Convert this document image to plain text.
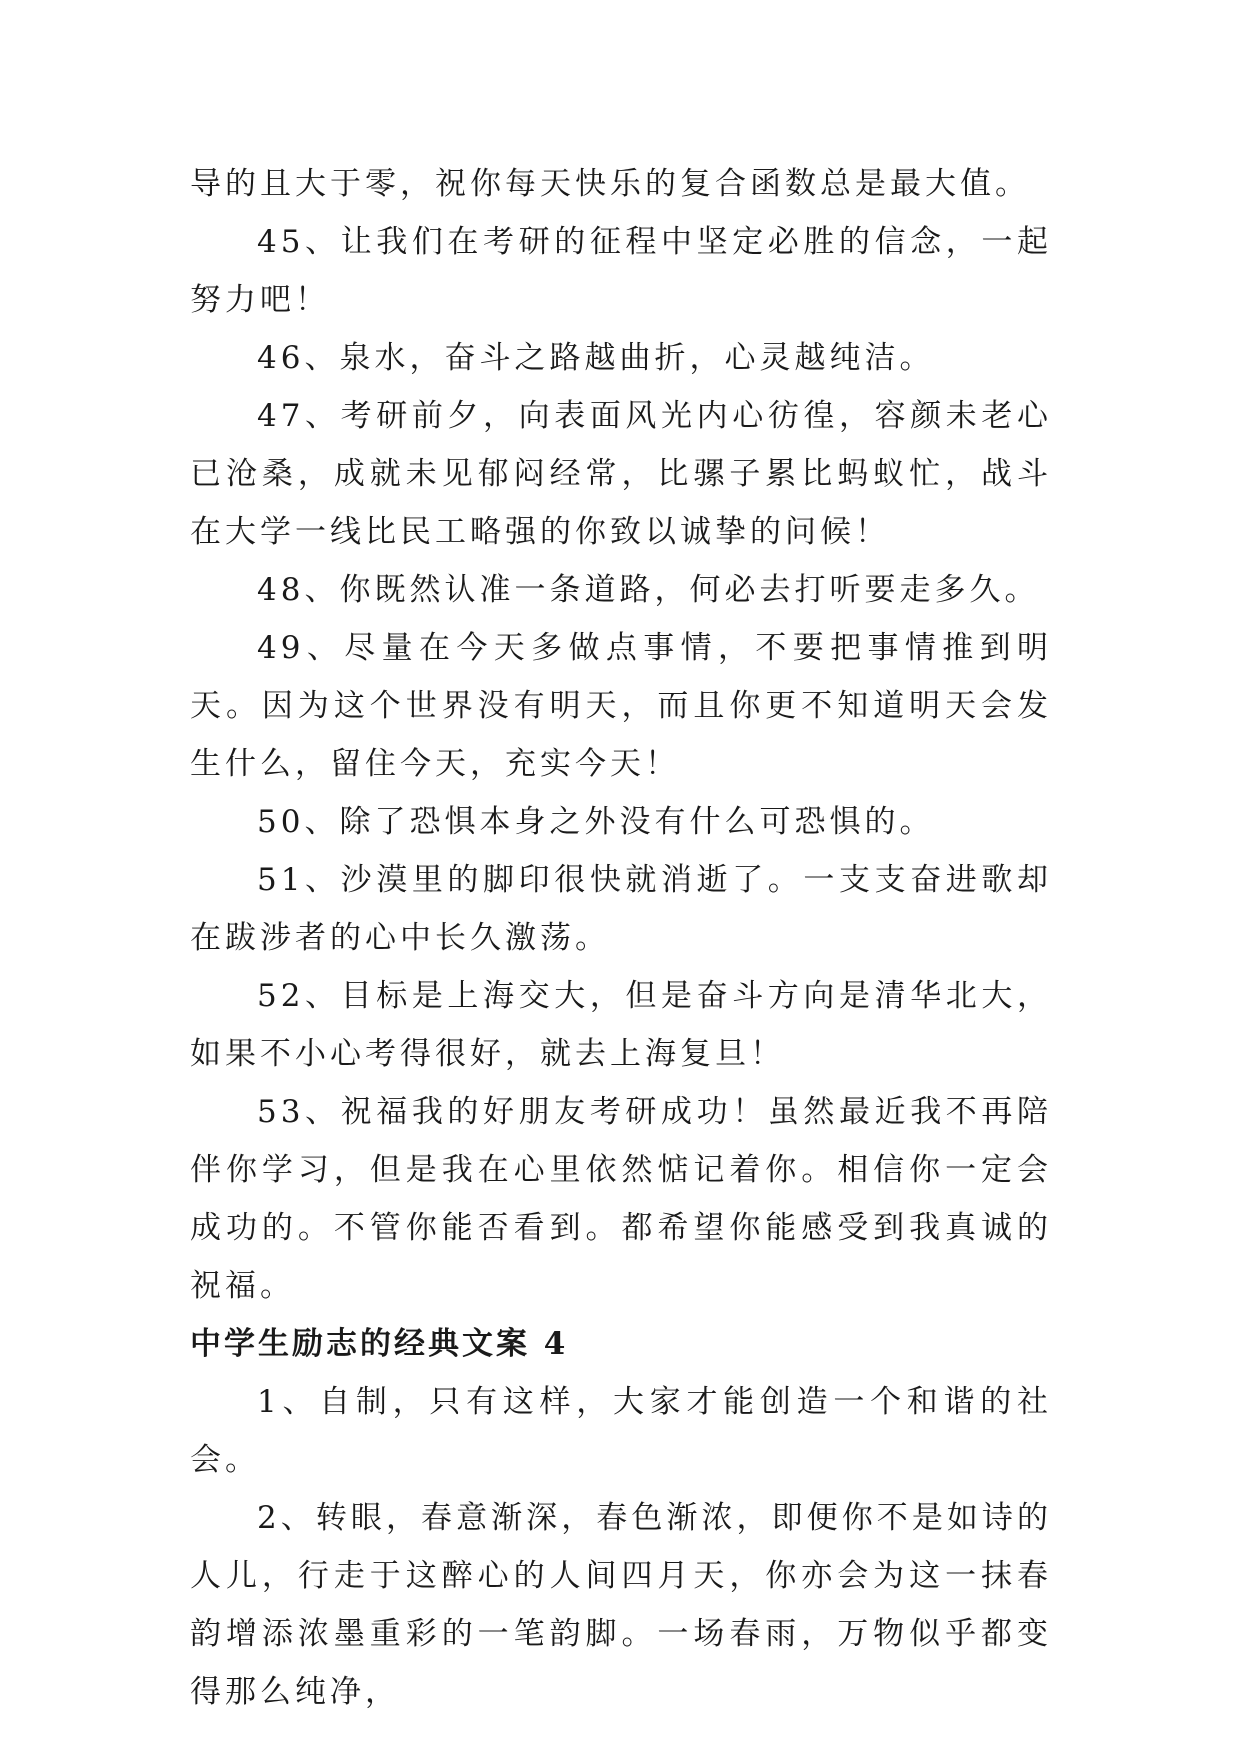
导的且大于零，祝你每天快乐的复合函数总是最大值。

45、让我们在考研的征程中坚定必胜的信念，一起努力吧！

46、泉水，奋斗之路越曲折，心灵越纯洁。

47、考研前夕，向表面风光内心彷徨，容颜未老心已沧桑，成就未见郁闷经常，比骡子累比蚂蚁忙，战斗在大学一线比民工略强的你致以诚挚的问候！

48、你既然认准一条道路，何必去打听要走多久。

49、尽量在今天多做点事情，不要把事情推到明天。因为这个世界没有明天，而且你更不知道明天会发生什么，留住今天，充实今天！

50、除了恐惧本身之外没有什么可恐惧的。

51、沙漠里的脚印很快就消逝了。一支支奋进歌却在跋涉者的心中长久激荡。

52、目标是上海交大，但是奋斗方向是清华北大，如果不小心考得很好，就去上海复旦！

53、祝福我的好朋友考研成功！虽然最近我不再陪伴你学习，但是我在心里依然惦记着你。相信你一定会成功的。不管你能否看到。都希望你能感受到我真诚的祝福。

中学生励志的经典文案 4

1、自制，只有这样，大家才能创造一个和谐的社会。

2、转眼，春意渐深，春色渐浓，即便你不是如诗的人儿，行走于这醉心的人间四月天，你亦会为这一抹春韵增添浓墨重彩的一笔韵脚。一场春雨，万物似乎都变得那么纯净，
